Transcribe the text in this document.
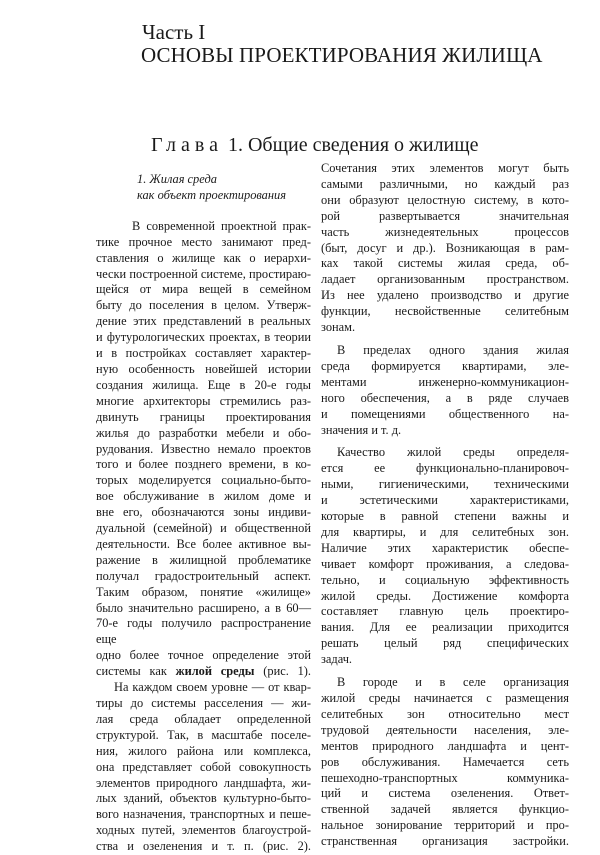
Часть I
ОСНОВЫ ПРОЕКТИРОВАНИЯ ЖИЛИЩА
Глава 1. Общие сведения о жилище
1. Жилая среда
как объект проектирования
В современной проектной прак-
тике прочное место занимают пред-
ставления о жилище как о иерархи-
чески построенной системе, простираю-
щейся от мира вещей в семейном
быту до поселения в целом. Утверж-
дение этих представлений в реальных
и футурологических проектах, в теории
и в постройках составляет характер-
ную особенность новейшей истории
создания жилища. Еще в 20-е годы
многие архитекторы стремились раз-
двинуть границы проектирования
жилья до разработки мебели и обо-
рудования. Известно немало проектов
того и более позднего времени, в ко-
торых моделируется социально-быто-
вое обслуживание в жилом доме и
вне его, обозначаются зоны индиви-
дуальной (семейной) и общественной
деятельности. Все более активное вы-
ражение в жилищной проблематике
получал градостроительный аспект.
Таким образом, понятие «жилище»
было значительно расширено, а в 60—
70-е годы получило распространение еще
одно более точное определение этой
системы как жилой среды (рис. 1).
На каждом своем уровне — от квар-
тиры до системы расселения — жи-
лая среда обладает определенной
структурой. Так, в масштабе поселе-
ния, жилого района или комплекса,
она представляет собой совокупность
элементов природного ландшафта, жи-
лых зданий, объектов культурно-быто-
вого назначения, транспортных и пеше-
ходных путей, элементов благоустрой-
ства и озеленения и т. п. (рис. 2).
Сочетания этих элементов могут быть
самыми различными, но каждый раз
они образуют целостную систему, в кото-
рой развертывается значительная
часть жизнедеятельных процессов
(быт, досуг и др.). Возникающая в рам-
ках такой системы жилая среда, об-
ладает организованным пространством.
Из нее удалено производство и другие
функции, несвойственные селитебным
зонам.
В пределах одного здания жилая
среда формируется квартирами, эле-
ментами инженерно-коммуникацион-
ного обеспечения, а в ряде случаев
и помещениями общественного на-
значения и т. д.
Качество жилой среды определя-
ется ее функционально-планировоч-
ными, гигиеническими, техническими
и эстетическими характеристиками,
которые в равной степени важны и
для квартиры, и для селитебных зон.
Наличие этих характеристик обеспе-
чивает комфорт проживания, а следова-
тельно, и социальную эффективность
жилой среды. Достижение комфорта
составляет главную цель проектиро-
вания. Для ее реализации приходится
решать целый ряд специфических
задач.
В городе и в селе организация
жилой среды начинается с размещения
селитебных зон относительно мест
трудовой деятельности населения, эле-
ментов природного ландшафта и цент-
ров обслуживания. Намечается сеть
пешеходно-транспортных коммуника-
ций и система озеленения. Ответ-
ственной задачей является функцио-
нальное зонирование территорий и про-
странственная организация застройки.
